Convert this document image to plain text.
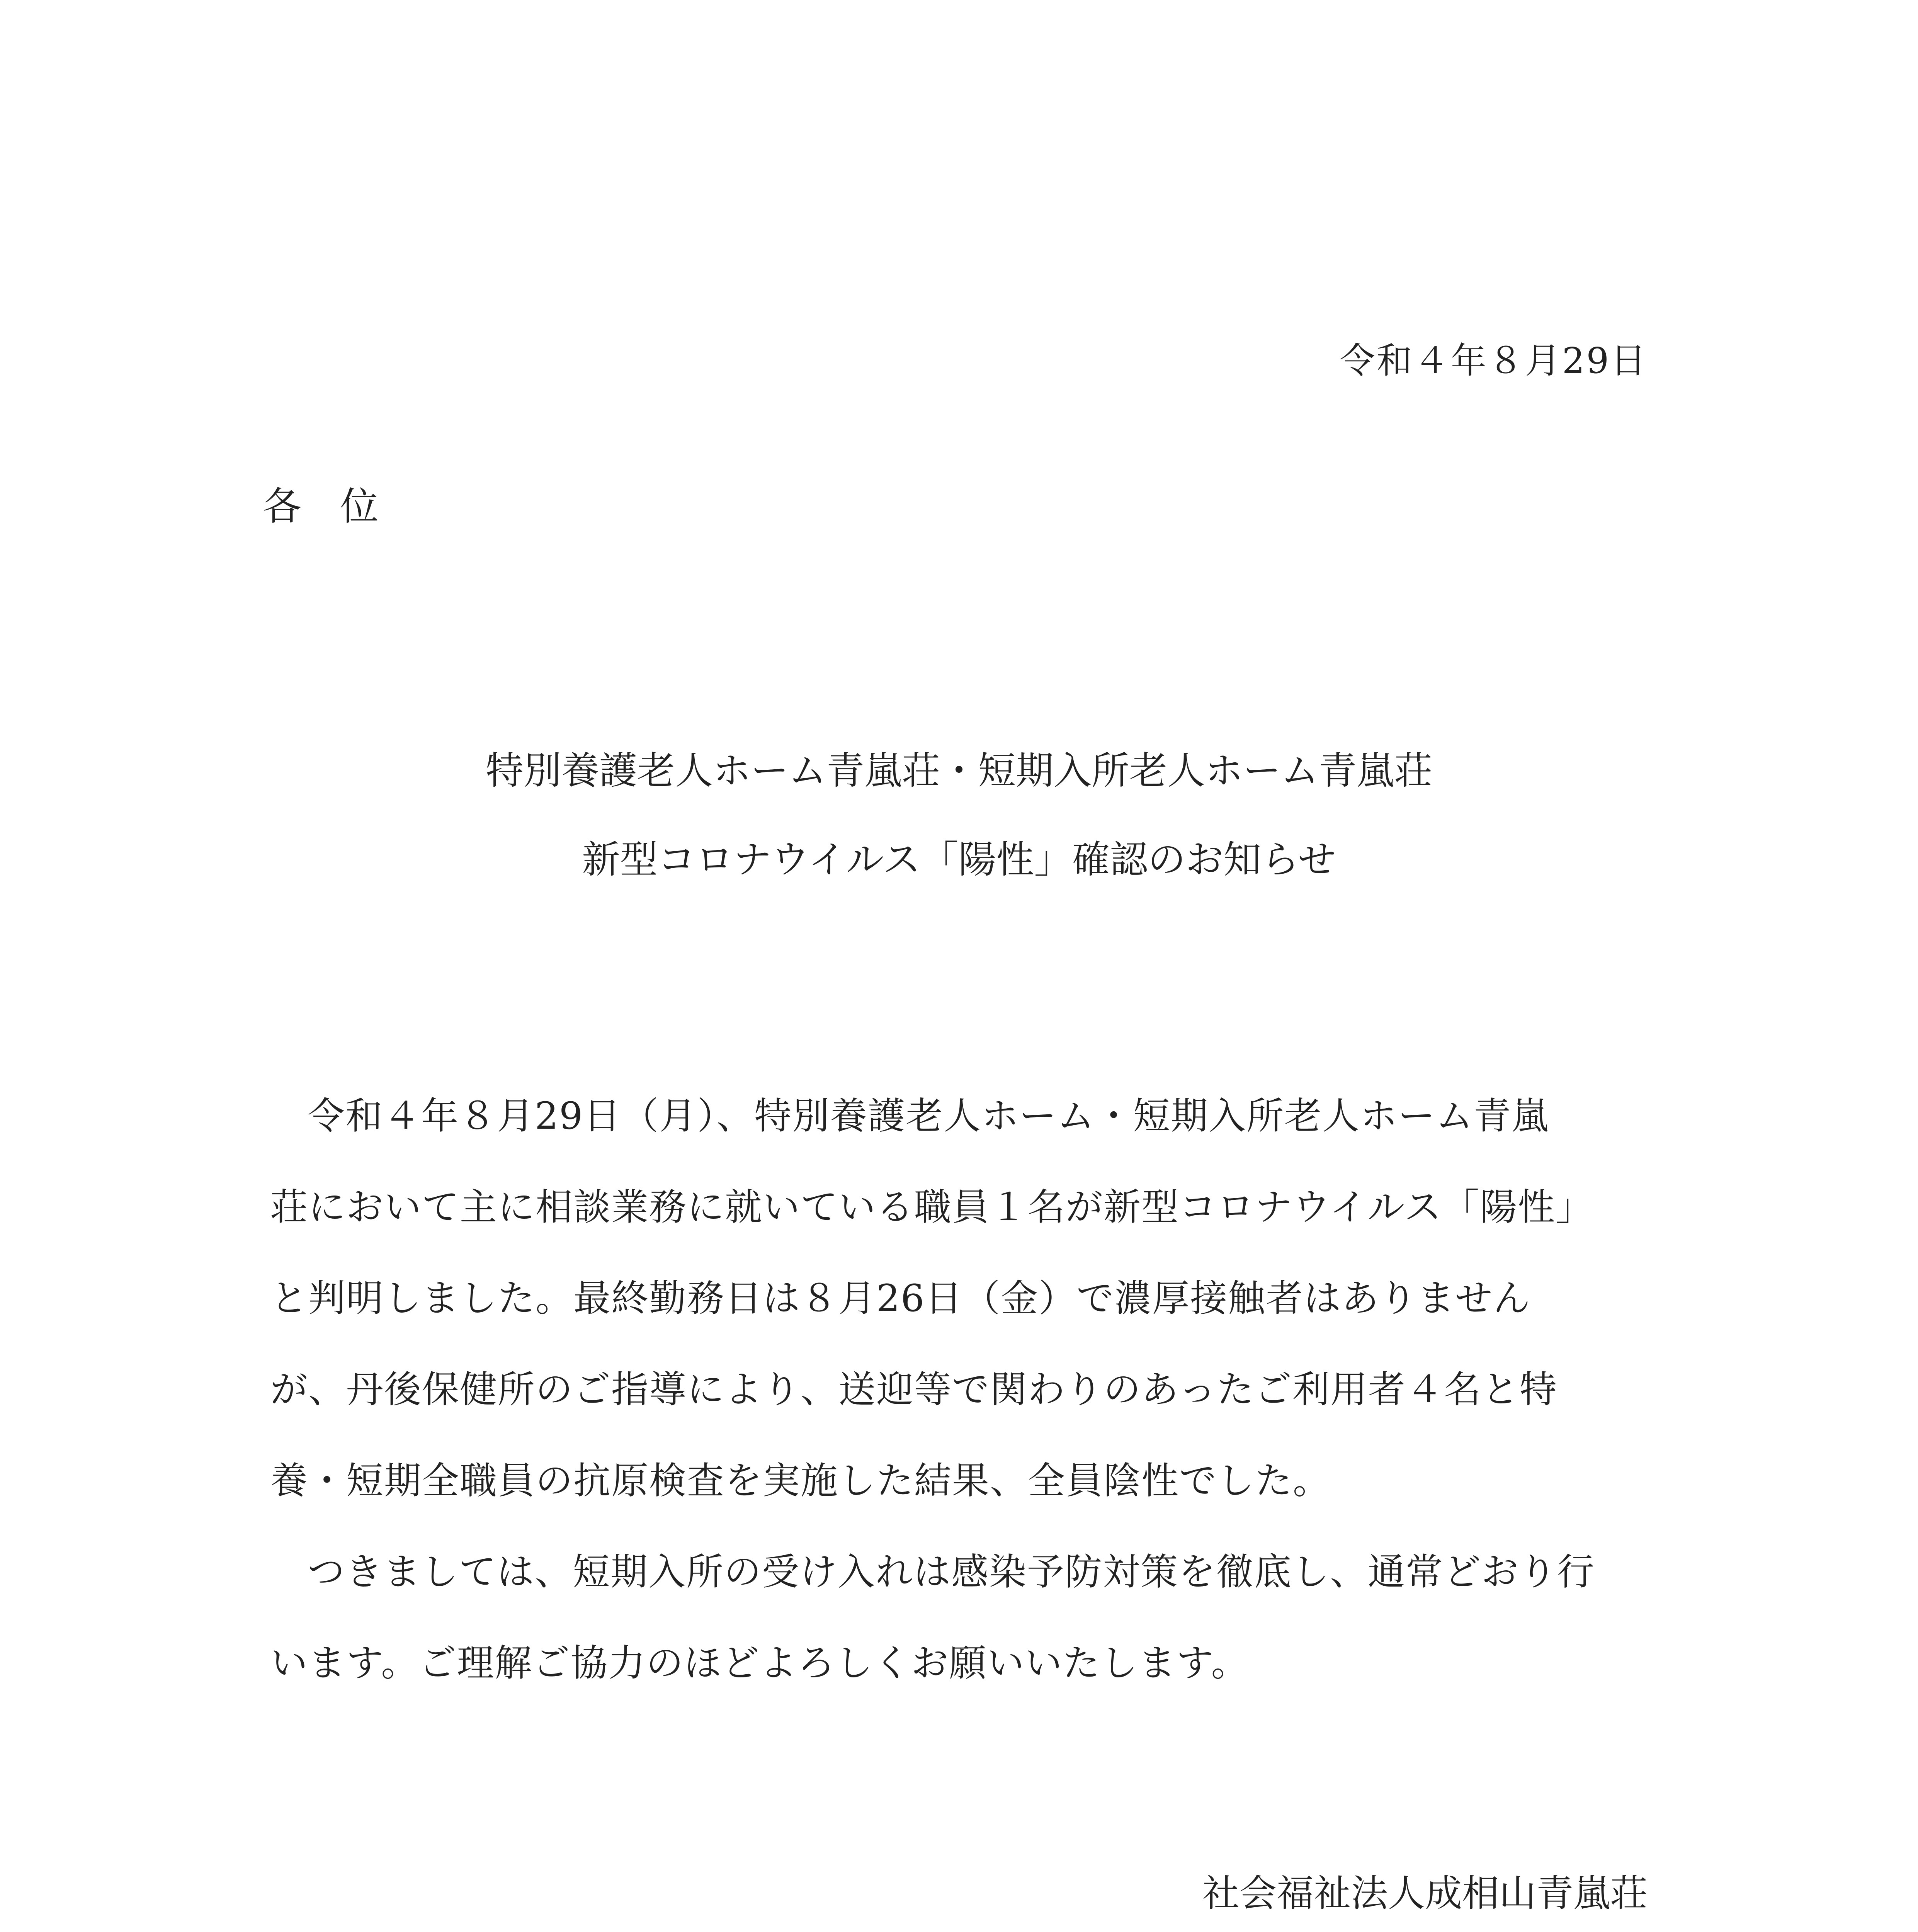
令和４年８月29日
各 位
特別養護老人ホーム青嵐荘・短期入所老人ホーム青嵐荘
新型コロナウイルス「陽性」確認のお知らせ
令和４年８月29日（月）、特別養護老人ホーム・短期入所老人ホーム青嵐
荘において主に相談業務に就いている職員１名が新型コロナウイルス「陽性」
と判明しました。最終勤務日は８月26日（金）で濃厚接触者はありません
が、丹後保健所のご指導により、送迎等で関わりのあったご利用者４名と特
養・短期全職員の抗原検査を実施した結果、全員陰性でした。
つきましては、短期入所の受け入れは感染予防対策を徹底し、通常どおり行
います。ご理解ご協力のほどよろしくお願いいたします。
社会福祉法人成相山青嵐荘
